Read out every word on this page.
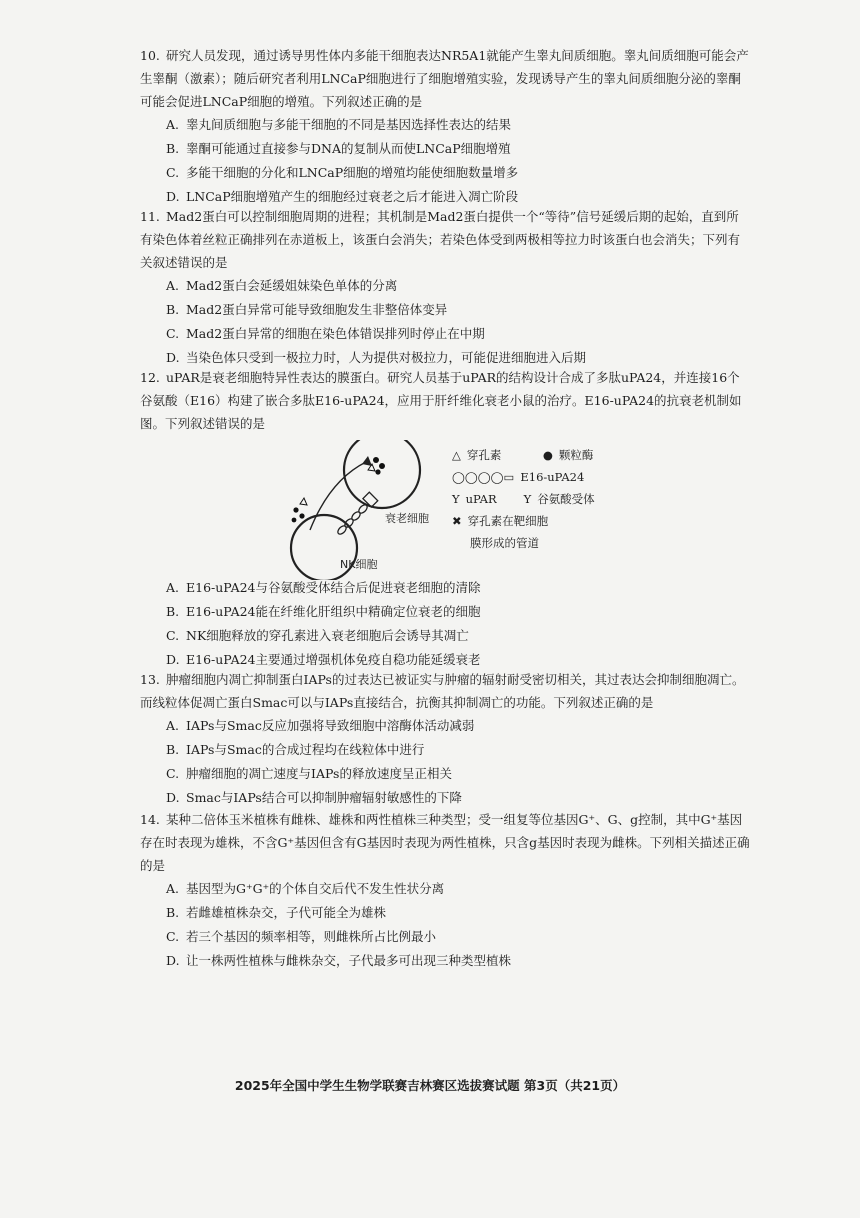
10. 研究人员发现，通过诱导男性体内多能干细胞表达NR5A1就能产生睾丸间质细胞。睾丸间质细胞可能会产生睾酮（激素）；随后研究者利用LNCaP细胞进行了细胞增殖实验，发现诱导产生的睾丸间质细胞分泌的睾酮可能会促进LNCaP细胞的增殖。下列叙述正确的是

A. 睾丸间质细胞与多能干细胞的不同是基因选择性表达的结果
B. 睾酮可能通过直接参与DNA的复制从而使LNCaP细胞增殖
C. 多能干细胞的分化和LNCaP细胞的增殖均能使细胞数量增多
D. LNCaP细胞增殖产生的细胞经过衰老之后才能进入凋亡阶段

11. Mad2蛋白可以控制细胞周期的进程；其机制是Mad2蛋白提供一个“等待”信号延缓后期的起始，直到所有染色体着丝粒正确排列在赤道板上，该蛋白会消失；若染色体受到两极相等拉力时该蛋白也会消失；下列有关叙述错误的是

A. Mad2蛋白会延缓姐妹染色单体的分离
B. Mad2蛋白异常可能导致细胞发生非整倍体变异
C. Mad2蛋白异常的细胞在染色体错误排列时停止在中期
D. 当染色体只受到一极拉力时，人为提供对极拉力，可能促进细胞进入后期

12. uPAR是衰老细胞特异性表达的膜蛋白。研究人员基于uPAR的结构设计合成了多肽uPA24，并连接16个谷氨酸（E16）构建了嵌合多肽E16-uPA24，应用于肝纤维化衰老小鼠的治疗。E16-uPA24的抗衰老机制如图。下列叙述错误的是

衰老细胞
NK细胞
△ 穿孔素	● 颗粒酶
◯◯◯◯▭ E16-uPA24
Ү uPAR	Y 谷氨酸受体
✖ 穿孔素在靶细胞
膜形成的管道
A. E16-uPA24与谷氨酸受体结合后促进衰老细胞的清除
B. E16-uPA24能在纤维化肝组织中精确定位衰老的细胞
C. NK细胞释放的穿孔素进入衰老细胞后会诱导其凋亡
D. E16-uPA24主要通过增强机体免疫自稳功能延缓衰老

13. 肿瘤细胞内凋亡抑制蛋白IAPs的过表达已被证实与肿瘤的辐射耐受密切相关，其过表达会抑制细胞凋亡。而线粒体促凋亡蛋白Smac可以与IAPs直接结合，抗衡其抑制凋亡的功能。下列叙述正确的是

A. IAPs与Smac反应加强将导致细胞中溶酶体活动减弱
B. IAPs与Smac的合成过程均在线粒体中进行
C. 肿瘤细胞的凋亡速度与IAPs的释放速度呈正相关
D. Smac与IAPs结合可以抑制肿瘤辐射敏感性的下降

14. 某种二倍体玉米植株有雌株、雄株和两性植株三种类型；受一组复等位基因G⁺、G、g控制，其中G⁺基因存在时表现为雄株，不含G⁺基因但含有G基因时表现为两性植株，只含g基因时表现为雌株。下列相关描述正确的是

A. 基因型为G⁺G⁺的个体自交后代不发生性状分离
B. 若雌雄植株杂交，子代可能全为雄株
C. 若三个基因的频率相等，则雌株所占比例最小
D. 让一株两性植株与雌株杂交，子代最多可出现三种类型植株
2025年全国中学生生物学联赛吉林赛区选拔赛试题 第3页（共21页）
